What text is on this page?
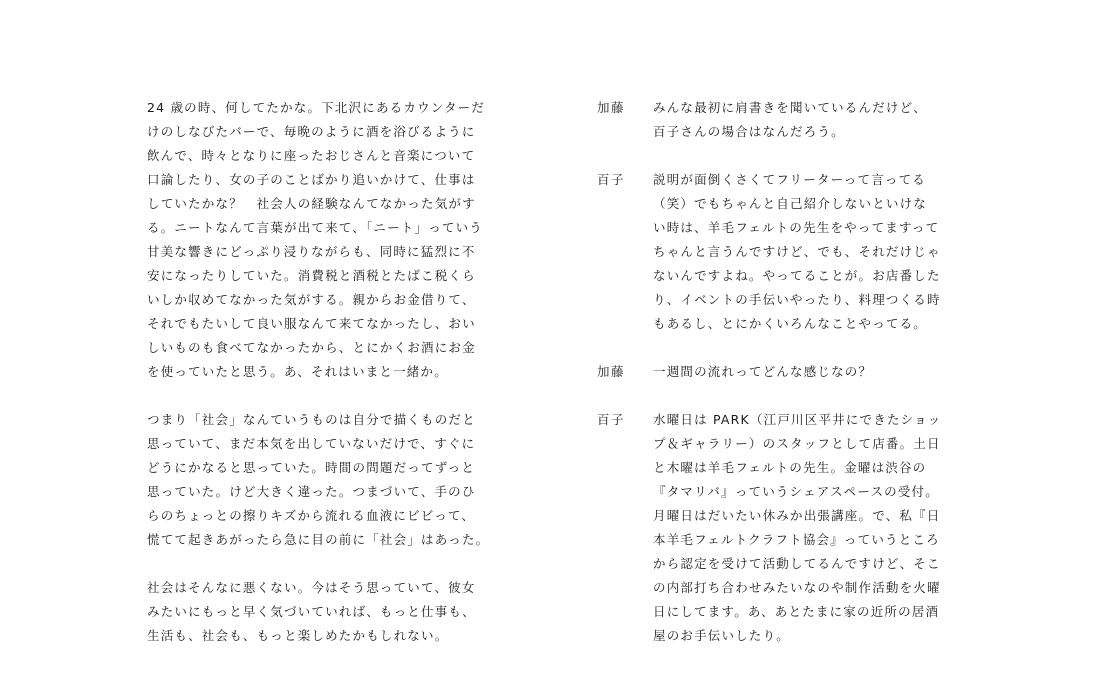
24 歳の時、何してたかな。下北沢にあるカウンターだ
けのしなびたバーで、毎晩のように酒を浴びるように
飲んで、時々となりに座ったおじさんと音楽について
口論したり、女の子のことばかり追いかけて、仕事は
していたかな？　社会人の経験なんてなかった気がす
る。ニートなんて言葉が出て来て、「ニート」っていう
甘美な響きにどっぷり浸りながらも、同時に猛烈に不
安になったりしていた。消費税と酒税とたばこ税くら
いしか収めてなかった気がする。親からお金借りて、
それでもたいして良い服なんて来てなかったし、おい
しいものも食べてなかったから、とにかくお酒にお金
を使っていたと思う。あ、それはいまと一緒か。
つまり「社会」なんていうものは自分で描くものだと
思っていて、まだ本気を出していないだけで、すぐに
どうにかなると思っていた。時間の問題だってずっと
思っていた。けど大きく違った。つまづいて、手のひ
らのちょっとの擦りキズから流れる血液にビビって、
慌てて起きあがったら急に目の前に「社会」はあった。
社会はそんなに悪くない。今はそう思っていて、彼女
みたいにもっと早く気づいていれば、もっと仕事も、
生活も、社会も、もっと楽しめたかもしれない。
加藤 みんな最初に肩書きを聞いているんだけど、
百子さんの場合はなんだろう。
百子 説明が面倒くさくてフリーターって言ってる
（笑）でもちゃんと自己紹介しないといけな
い時は、羊毛フェルトの先生をやってますって
ちゃんと言うんですけど、でも、それだけじゃ
ないんですよね。やってることが。お店番した
り、イベントの手伝いやったり、料理つくる時
もあるし、とにかくいろんなことやってる。
加藤 一週間の流れってどんな感じなの？
百子 水曜日は PARK（江戸川区平井にできたショッ
プ＆ギャラリー）のスタッフとして店番。土日
と木曜は羊毛フェルトの先生。金曜は渋谷の
『タマリバ』っていうシェアスペースの受付。
月曜日はだいたい休みか出張講座。で、私『日
本羊毛フェルトクラフト協会』っていうところ
から認定を受けて活動してるんですけど、そこ
の内部打ち合わせみたいなのや制作活動を火曜
日にしてます。あ、あとたまに家の近所の居酒
屋のお手伝いしたり。
